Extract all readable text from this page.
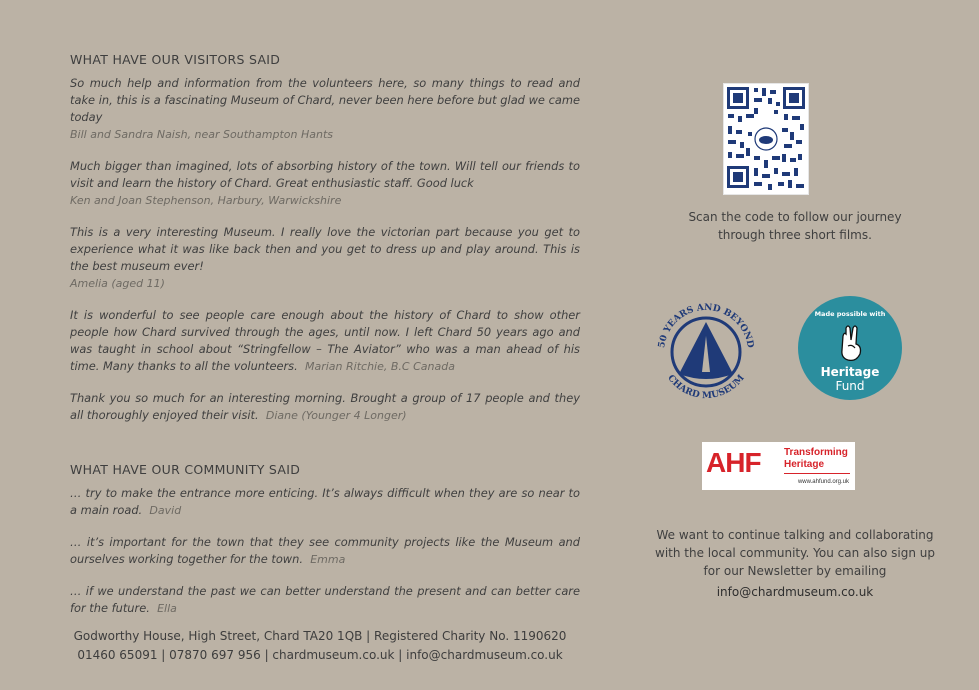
WHAT HAVE OUR VISITORS SAID
So much help and information from the volunteers here, so many things to read and take in, this is a fascinating Museum of Chard, never been here before but glad we came today
Bill and Sandra Naish, near Southampton Hants
Much bigger than imagined, lots of absorbing history of the town. Will tell our friends to visit and learn the history of Chard. Great enthusiastic staff. Good luck
Ken and Joan Stephenson, Harbury, Warwickshire
This is a very interesting Museum. I really love the victorian part because you get to experience what it was like back then and you get to dress up and play around. This is the best museum ever!
Amelia (aged 11)
It is wonderful to see people care enough about the history of Chard to show other people how Chard survived through the ages, until now. I left Chard 50 years ago and was taught in school about “Stringfellow – The Aviator” who was a man ahead of his time. Many thanks to all the volunteers. Marian Ritchie, B.C Canada
Thank you so much for an interesting morning. Brought a group of 17 people and they all thoroughly enjoyed their visit. Diane (Younger 4 Longer)
WHAT HAVE OUR COMMUNITY SAID
… try to make the entrance more enticing. It’s always difficult when they are so near to a main road. David
… it’s important for the town that they see community projects like the Museum and ourselves working together for the town. Emma
… if we understand the past we can better understand the present and can better care for the future. Ella
Godworthy House, High Street, Chard TA20 1QB | Registered Charity No. 1190620
01460 65091 | 07870 697 956 | chardmuseum.co.uk | info@chardmuseum.co.uk
Scan the code to follow our journey
through three short films.
50 YEARS AND BEYOND
CHARD MUSEUM
Made possible with
Heritage
Fund
AHF Transforming
Heritage
www.ahfund.org.uk
We want to continue talking and collaborating
with the local community. You can also sign up
for our Newsletter by emailing
info@chardmuseum.co.uk
